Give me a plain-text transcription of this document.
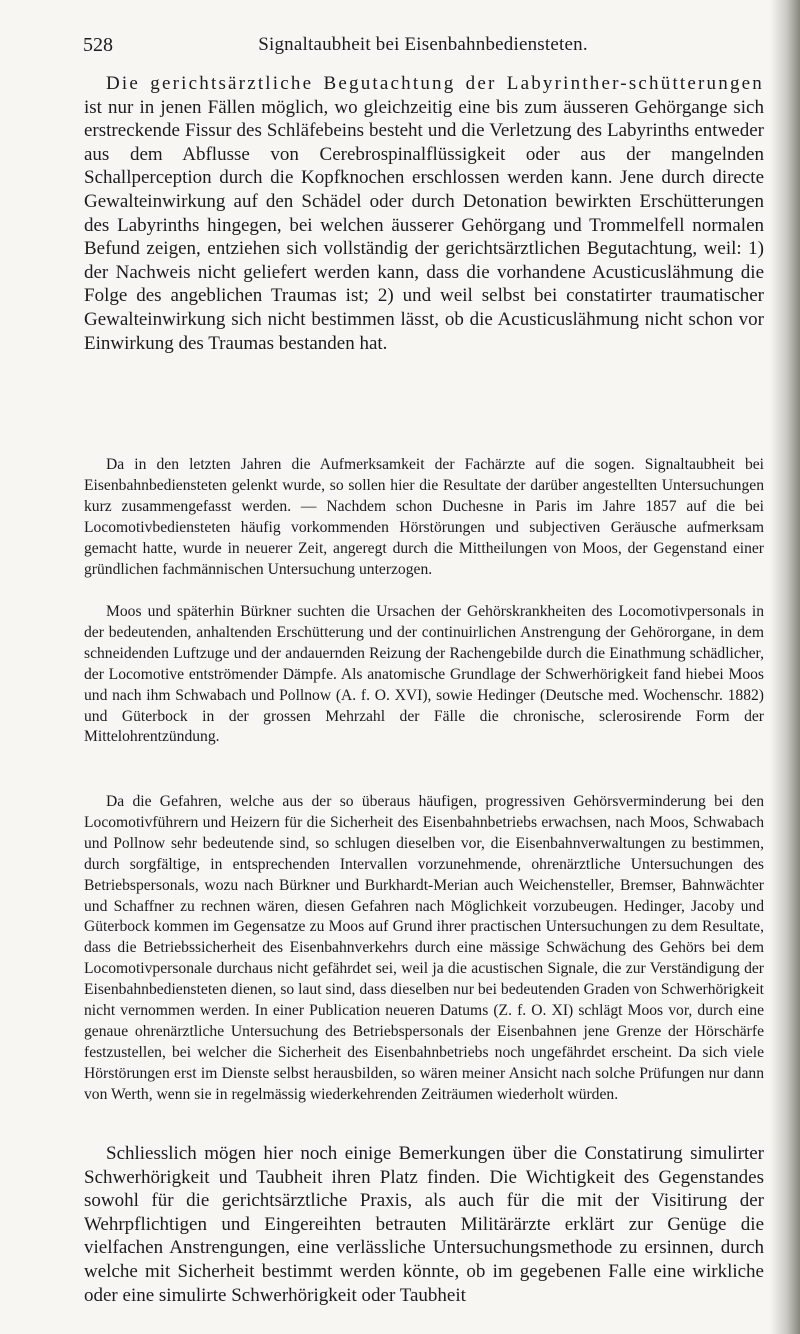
528	Signaltaubheit bei Eisenbahnbediensteten.

Die gerichtsärztliche Begutachtung der Labyrinther-schütterungen ist nur in jenen Fällen möglich, wo gleichzeitig eine bis zum äusseren Gehörgange sich erstreckende Fissur des Schläfebeins besteht und die Verletzung des Labyrinths entweder aus dem Abflusse von Cerebrospinalflüssigkeit oder aus der mangelnden Schallperception durch die Kopfknochen erschlossen werden kann. Jene durch directe Gewalteinwirkung auf den Schädel oder durch Detonation bewirkten Erschütterungen des Labyrinths hingegen, bei welchen äusserer Gehörgang und Trommelfell normalen Befund zeigen, entziehen sich vollständig der gerichtsärztlichen Begutachtung, weil: 1) der Nachweis nicht geliefert werden kann, dass die vorhandene Acusticuslähmung die Folge des angeblichen Traumas ist; 2) und weil selbst bei constatirter traumatischer Gewalteinwirkung sich nicht bestimmen lässt, ob die Acusticuslähmung nicht schon vor Einwirkung des Traumas bestanden hat.

Da in den letzten Jahren die Aufmerksamkeit der Fachärzte auf die sogen. Signaltaubheit bei Eisenbahnbediensteten gelenkt wurde, so sollen hier die Resultate der darüber angestellten Untersuchungen kurz zusammengefasst werden. — Nachdem schon Duchesne in Paris im Jahre 1857 auf die bei Locomotivbediensteten häufig vorkommenden Hörstörungen und subjectiven Geräusche aufmerksam gemacht hatte, wurde in neuerer Zeit, angeregt durch die Mittheilungen von Moos, der Gegenstand einer gründlichen fachmännischen Untersuchung unterzogen.

Moos und späterhin Bürkner suchten die Ursachen der Gehörskrankheiten des Locomotivpersonals in der bedeutenden, anhaltenden Erschütterung und der continuirlichen Anstrengung der Gehörorgane, in dem schneidenden Luftzuge und der andauernden Reizung der Rachengebilde durch die Einathmung schädlicher, der Locomotive entströmender Dämpfe. Als anatomische Grundlage der Schwerhörigkeit fand hiebei Moos und nach ihm Schwabach und Pollnow (A. f. O. XVI), sowie Hedinger (Deutsche med. Wochenschr. 1882) und Güterbock in der grossen Mehrzahl der Fälle die chronische, sclerosirende Form der Mittelohrentzündung.

Da die Gefahren, welche aus der so überaus häufigen, progressiven Gehörsverminderung bei den Locomotivführern und Heizern für die Sicherheit des Eisenbahnbetriebs erwachsen, nach Moos, Schwabach und Pollnow sehr bedeutende sind, so schlugen dieselben vor, die Eisenbahnverwaltungen zu bestimmen, durch sorgfältige, in entsprechenden Intervallen vorzunehmende, ohrenärztliche Untersuchungen des Betriebspersonals, wozu nach Bürkner und Burkhardt-Merian auch Weichensteller, Bremser, Bahnwächter und Schaffner zu rechnen wären, diesen Gefahren nach Möglichkeit vorzubeugen. Hedinger, Jacoby und Güterbock kommen im Gegensatze zu Moos auf Grund ihrer practischen Untersuchungen zu dem Resultate, dass die Betriebssicherheit des Eisenbahnverkehrs durch eine mässige Schwächung des Gehörs bei dem Locomotivpersonale durchaus nicht gefährdet sei, weil ja die acustischen Signale, die zur Verständigung der Eisenbahnbediensteten dienen, so laut sind, dass dieselben nur bei bedeutenden Graden von Schwerhörigkeit nicht vernommen werden. In einer Publication neueren Datums (Z. f. O. XI) schlägt Moos vor, durch eine genaue ohrenärztliche Untersuchung des Betriebspersonals der Eisenbahnen jene Grenze der Hörschärfe festzustellen, bei welcher die Sicherheit des Eisenbahnbetriebs noch ungefährdet erscheint. Da sich viele Hörstörungen erst im Dienste selbst herausbilden, so wären meiner Ansicht nach solche Prüfungen nur dann von Werth, wenn sie in regelmässig wiederkehrenden Zeiträumen wiederholt würden.

Schliesslich mögen hier noch einige Bemerkungen über die Constatirung simulirter Schwerhörigkeit und Taubheit ihren Platz finden. Die Wichtigkeit des Gegenstandes sowohl für die gerichtsärztliche Praxis, als auch für die mit der Visitirung der Wehrpflichtigen und Eingereihten betrauten Militärärzte erklärt zur Genüge die vielfachen Anstrengungen, eine verlässliche Untersuchungsmethode zu ersinnen, durch welche mit Sicherheit bestimmt werden könnte, ob im gegebenen Falle eine wirkliche oder eine simulirte Schwerhörigkeit oder Taubheit
